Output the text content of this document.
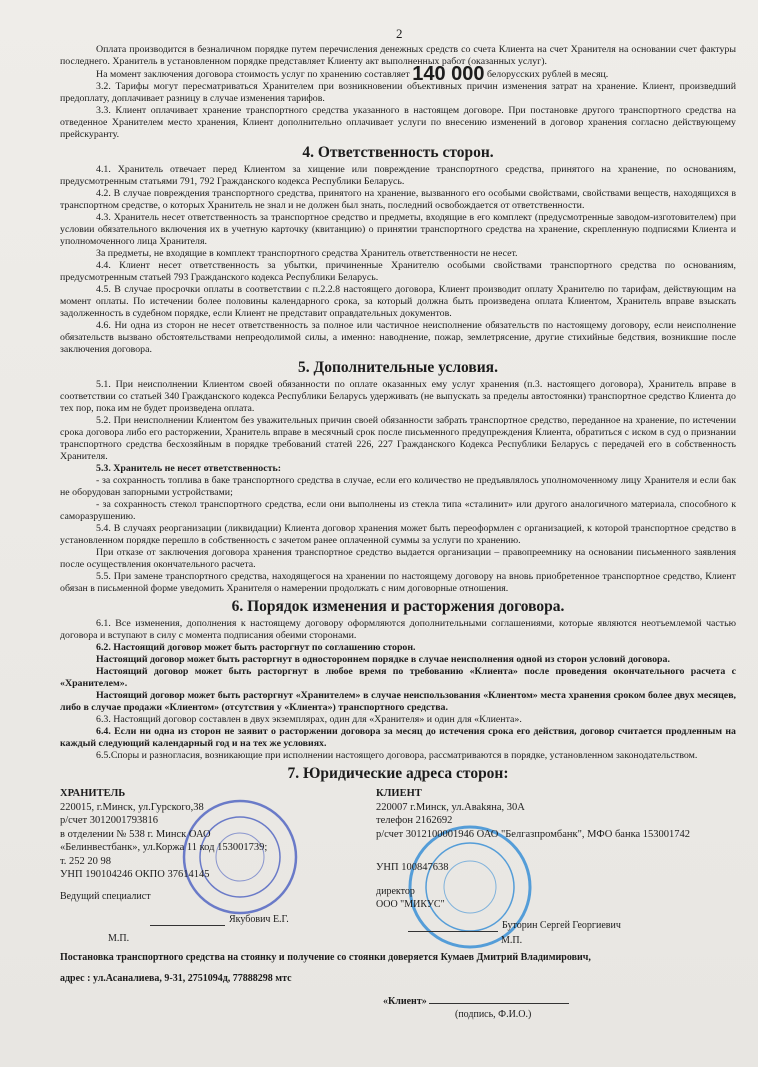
2

Оплата производится в безналичном порядке путем перечисления денежных средств со счета Клиента на счет Хранителя на основании счет фактуры последнего. Хранитель в установленном порядке представляет Клиенту акт выполненных работ (оказанных услуг).

На момент заключения договора стоимость услуг по хранению составляет 140 000 белорусских рублей в месяц.

3.2. Тарифы могут пересматриваться Хранителем при возникновении объективных причин изменения затрат на хранение. Клиент, произведший предоплату, доплачивает разницу в случае изменения тарифов.

3.3. Клиент оплачивает хранение транспортного средства указанного в настоящем договоре. При постановке другого транспортного средства на отведенное Хранителем место хранения, Клиент дополнительно оплачивает услуги по внесению изменений в договор хранения согласно действующему прейскуранту.

4. Ответственность сторон.

4.1. Хранитель отвечает перед Клиентом за хищение или повреждение транспортного средства, принятого на хранение, по основаниям, предусмотренным статьями 791, 792 Гражданского кодекса Республики Беларусь.

4.2. В случае повреждения транспортного средства, принятого на хранение, вызванного его особыми свойствами, свойствами веществ, находящихся в транспортном средстве, о которых Хранитель не знал и не должен был знать, последний освобождается от ответственности.

4.3. Хранитель несет ответственность за транспортное средство и предметы, входящие в его комплект (предусмотренные заводом-изготовителем) при условии обязательного включения их в учетную карточку (квитанцию) о принятии транспортного средства на хранение, скрепленную подписями Клиента и уполномоченного лица Хранителя.

За предметы, не входящие в комплект транспортного средства Хранитель ответственности не несет.

4.4. Клиент несет ответственность за убытки, причиненные Хранителю особыми свойствами транспортного средства по основаниям, предусмотренным статьей 793 Гражданского кодекса Республики Беларусь.

4.5. В случае просрочки оплаты в соответствии с п.2.2.8 настоящего договора, Клиент производит оплату Хранителю по тарифам, действующим на момент оплаты. По истечении более половины календарного срока, за который должна быть произведена оплата Клиентом, Хранитель вправе взыскать задолженность в судебном порядке, если Клиент не представит оправдательных документов.

4.6. Ни одна из сторон не несет ответственность за полное или частичное неисполнение обязательств по настоящему договору, если неисполнение обязательств вызвано обстоятельствами непреодолимой силы, а именно: наводнение, пожар, землетрясение, другие стихийные бедствия, возникшие после заключения договора.

5. Дополнительные условия.

5.1. При неисполнении Клиентом своей обязанности по оплате оказанных ему услуг хранения (п.3. настоящего договора), Хранитель вправе в соответствии со статьей 340 Гражданского кодекса Республики Беларусь удерживать (не выпускать за пределы автостоянки) транспортное средство Клиента до тех пор, пока им не будет произведена оплата.

5.2. При неисполнении Клиентом без уважительных причин своей обязанности забрать транспортное средство, переданное на хранение, по истечении срока договора либо его расторжении, Хранитель вправе в месячный срок после письменного предупреждения Клиента, обратиться с иском в суд о признании транспортного средства бесхозяйным в порядке требований статей 226, 227 Гражданского Кодекса Республики Беларусь с передачей его в собственность Хранителя.

5.3. Хранитель не несет ответственность:

- за сохранность топлива в баке транспортного средства в случае, если его количество не предъявлялось уполномоченному лицу Хранителя и если бак не оборудован запорными устройствами;

- за сохранность стекол транспортного средства, если они выполнены из стекла типа «сталинит» или другого аналогичного материала, способного к саморазрушению.

5.4. В случаях реорганизации (ликвидации) Клиента договор хранения может быть переоформлен с организацией, к которой транспортное средство в установленном порядке перешло в собственность с зачетом ранее оплаченной суммы за услуги по хранению.

При отказе от заключения договора хранения транспортное средство выдается организации – правопреемнику на основании письменного заявления после осуществления окончательного расчета.

5.5. При замене транспортного средства, находящегося на хранении по настоящему договору на вновь приобретенное транспортное средство, Клиент обязан в письменной форме уведомить Хранителя о намерении продолжать с ним договорные отношения.

6. Порядок изменения и расторжения договора.

6.1. Все изменения, дополнения к настоящему договору оформляются дополнительными соглашениями, которые являются неотъемлемой частью договора и вступают в силу с момента подписания обеими сторонами.

6.2. Настоящий договор может быть расторгнут по соглашению сторон.

Настоящий договор может быть расторгнут в одностороннем порядке в случае неисполнения одной из сторон условий договора.

Настоящий договор может быть расторгнут в любое время по требованию «Клиента» после проведения окончательного расчета с «Хранителем».

Настоящий договор может быть расторгнут «Хранителем» в случае неиспользования «Клиентом» места хранения сроком более двух месяцев, либо в случае продажи «Клиентом» (отсутствия у «Клиента») транспортного средства.

6.3. Настоящий договор составлен в двух экземплярах, один для «Хранителя» и один для «Клиента».

6.4. Если ни одна из сторон не заявит о расторжении договора за месяц до истечения срока его действия, договор считается продленным на каждый следующий календарный год и на тех же условиях.

6.5.Споры и разногласия, возникающие при исполнении настоящего договора, рассматриваются в порядке, установленном законодательством.

7. Юридические адреса сторон:
ХРАНИТЕЛЬ
220015, г.Минск, ул.Гурского,38
р/счет 3012001793816
в отделении № 538 г. Минск ОАО
«Белинвестбанк», ул.Коржа 11 код 153001739;
т. 252 20 98
УНП 190104246 ОКПО 37614145
Ведущий специалист
Якубович Е.Г.
М.П.
КЛИЕНТ
220007 г.Минск, ул.Аваkяна, 30А
телефон 2162692
р/счет 3012100001946 ОАО "Белгазпромбанк", МФО банка 153001742
УНП 100847638
директор
ООО "МИКУС"
Буторин Сергей Георгиевич
М.П.
Постановка транспортного средства на стоянку и получение со стоянки доверяется Кумаев Дмитрий Владимирович,
адрес : ул.Асаналиева, 9-31, 2751094д, 77888298 мтс
«Клиент»
(подпись, Ф.И.О.)
